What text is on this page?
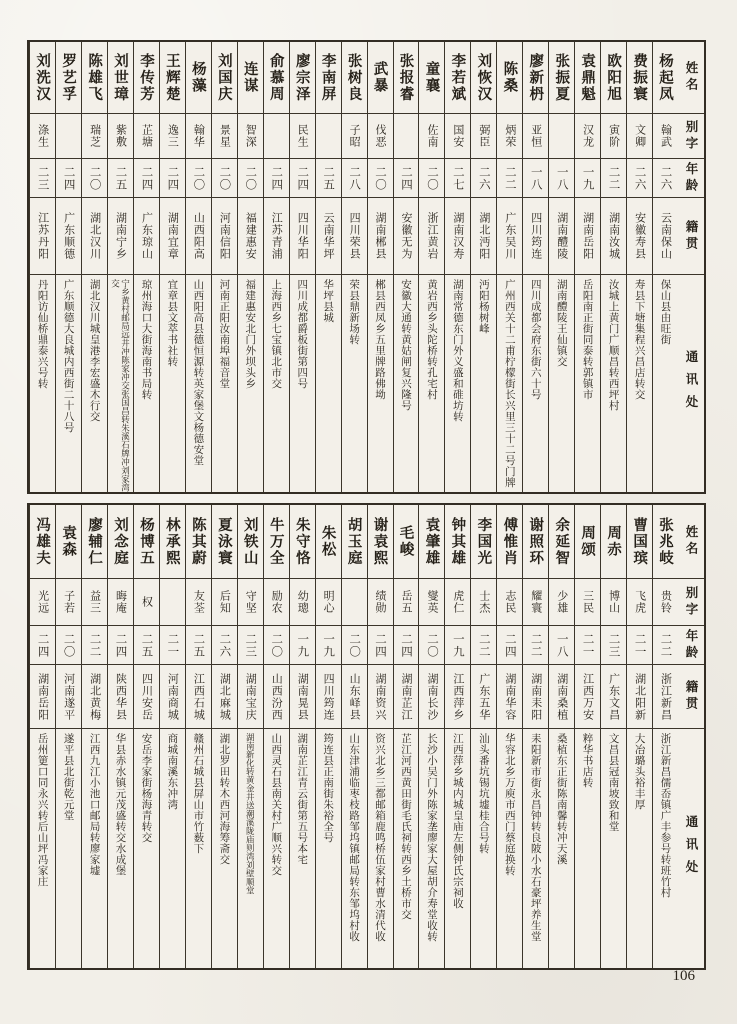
姓名
别字
年龄
籍贯
通讯处
杨起凤
翰武
二六
云南保山
保山县由旺街
费振寰
文卿
二六
安徽寿县
寿县下塘集程兴昌店转交
欧阳旭
寅阶
二二
湖南汝城
汝城上黄门广顺昌转西坪村
袁鼎魁
汉龙
一九
湖南岳阳
岳阳南正街同泰转郭镇市
张振夏
一八
湖南醴陵
湖南醴陵王仙镇交
廖新枬
亚恒
一八
四川筠连
四川成都会府东街六十号
陈桑
炳荣
二二
广东吴川
广州西关十二甫柠檬街长兴里三十二号门牌
刘恢汉
弼臣
二六
湖北沔阳
沔阳杨树峰
李若斌
国安
二七
湖南汉寿
湖南常德东门外义盛和碓坊转
童襄
佐南
二〇
浙江黄岩
黄岩西乡头陀桥转孔宅村
张报睿
二四
安徽无为
安徽大通转黄姑闸复兴隆号
武暴
伐恶
二〇
湖南郴县
郴县西凤乡五里牌路佛坳
张树良
子昭
二八
四川荣县
荣县鼎新场转
李南屏
二五
云南华坪
华坪县城
廖宗泽
民生
二四
四川华阳
四川成都爵板街第四号
俞慕周
二四
江苏青浦
上海西乡七宝镇北市交
连谋
智深
二〇
福建惠安
福建惠安北门外坝头乡
刘国庆
景星
二〇
河南信阳
河南正阳汝南埠福音堂
杨藻
翰华
二〇
山西阳高
山西阳高县德恒源转英家堡文杨德安堂
王辉楚
逸三
二四
湖南宜章
宜章县文萃书社转
李传芳
芷塘
二四
广东琼山
琼州海口大街海南书局转
刘世璋
紫敷
二五
湖南宁乡
宁乡黄村邮局远井冲陈家冲交张国昌转朱溪石牌冲刘家湾交
陈雄飞
瑞芝
二〇
湖北汉川
湖北汉川城皇港李宏盛木行交
罗艺孚
二四
广东顺德
广东顺德大良城内西街二十八号
刘洗汉
涤生
二三
江苏丹阳
丹阳访仙桥鼎泰兴号转
姓名
别字
年龄
籍贯
通讯处
张兆岐
贵铃
二二
浙江新昌
浙江新昌儒岙镇广丰参号转班竹村
曹国瑸
飞虎
二一
湖北阳新
大冶璐头裕丰厚
周赤
博山
二三
广东文昌
文昌县冠南坡致和堂
周颂
三民
二一
江西万安
粹华书店转
余延智
少雄
一八
湖南桑植
桑植东正街陈南馨转冲天溪
谢照环
耀寰
二二
湖南耒阳
耒阳新市街永昌钟转良陂小水石豪坪养生堂
傅惟肖
志民
二四
湖南华容
华容北乡万庾市西门蔡庭换转
李国光
士杰
二二
广东五华
汕头番坑锡坑墟桂合号转
钟其雄
虎仁
一九
江西萍乡
江西萍乡城内城皇庙左侧钟氏宗祠收
袁肇雄
燮英
二〇
湖南长沙
长沙小吴门外陈家垄廖家大屋胡介寿堂收转
毛峻
岳五
二四
湖南芷江
芷江河西黄田街毛氏祠转西乡土桥市交
谢袁熙
绩勋
二四
湖南资兴
资兴北乡三都邮箱鹿鸣桥伍家村曹水清代收
胡玉庭
二〇
山东峄县
山东津浦临枣枝路邹坞镇邮局转东邹坞村收
朱松
明心
一九
四川筠连
筠连县正南街朱裕全号
朱守恪
幼璁
一九
湖南晃县
湖南芷江青云街第五号本宅
牛万全
励农
二〇
山西汾西
山西灵石县南关村广顺兴转交
刘铁山
守坚
二三
湖南宝庆
湖南新化转黄金井送潮溪陇庙则湾刘壁顺堂
夏泳寰
后知
二六
湖北麻城
湖北罗田转木西河海筹斋交
陈其蔚
友荃
二五
江西石城
赣州石城县屏山市竹薮下
林承熙
二一
河南商城
商城南溪东冲湾
杨博五
权
二五
四川安岳
安岳李家街杨海青转交
刘念庭
晦庵
二四
陕西华县
华县赤水镇元茂盛转交水成堡
廖辅仁
益三
二二
湖北黄梅
江西九江小池口邮局转廖家墟
袁森
子若
二〇
河南遂平
遂平县北街乾元堂
冯雄夫
光远
二四
湖南岳阳
岳州筻口同永兴转后山坪冯家庄
106
